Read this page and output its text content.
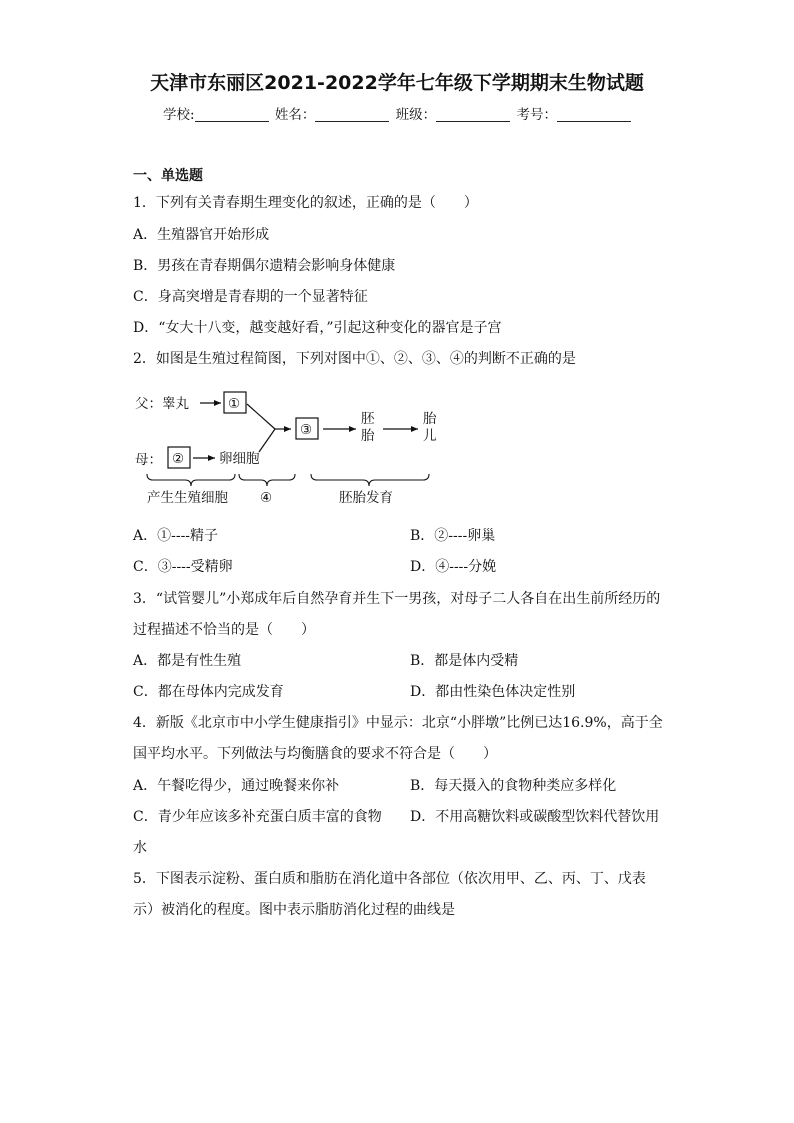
天津市东丽区2021-2022学年七年级下学期期末生物试题
学校:	姓名：	班级：	考号：
一、单选题
1．下列有关青春期生理变化的叙述，正确的是（　　）
A．生殖器官开始形成
B．男孩在青春期偶尔遗精会影响身体健康
C．身高突增是青春期的一个显著特征
D．“女大十八变，越变越好看，”引起这种变化的器官是子宫
2．如图是生殖过程简图，下列对图中①、②、③、④的判断不正确的是
父：睾丸	①
母： ②	卵细胞
③
胚
胎
胎
儿
产生生殖细胞 ④	胚胎发育
A．①----精子	B．②----卵巢
C．③----受精卵	D．④----分娩
3．“试管婴儿”小郑成年后自然孕育并生下一男孩，对母子二人各自在出生前所经历的
过程描述不恰当的是（　　）
A．都是有性生殖	B．都是体内受精
C．都在母体内完成发育	D．都由性染色体决定性别
4．新版《北京市中小学生健康指引》中显示：北京“小胖墩”比例已达16.9%，高于全
国平均水平。下列做法与均衡膳食的要求不符合是（　　）
A．午餐吃得少，通过晚餐来你补	B．每天摄入的食物种类应多样化
C．青少年应该多补充蛋白质丰富的食物 D．不用高糖饮料或碳酸型饮料代替饮用
水
5．下图表示淀粉、蛋白质和脂肪在消化道中各部位（依次用甲、乙、丙、丁、戊表
示）被消化的程度。图中表示脂肪消化过程的曲线是
